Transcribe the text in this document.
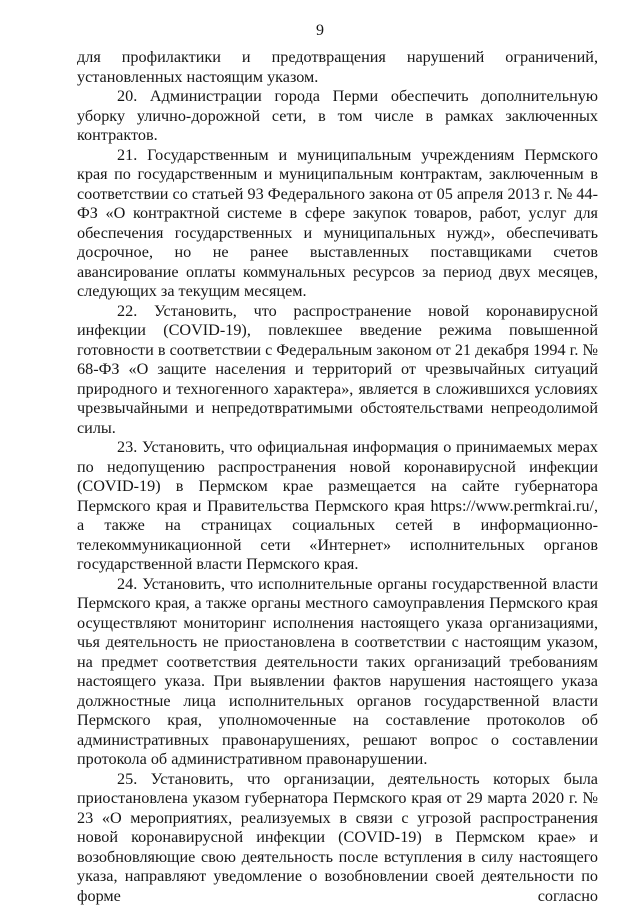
9

для профилактики и предотвращения нарушений ограничений, установленных настоящим указом.

20. Администрации города Перми обеспечить дополнительную уборку улично-дорожной сети, в том числе в рамках заключенных контрактов.

21. Государственным и муниципальным учреждениям Пермского края по государственным и муниципальным контрактам, заключенным в соответствии со статьей 93 Федерального закона от 05 апреля 2013 г. № 44-ФЗ «О контрактной системе в сфере закупок товаров, работ, услуг для обеспечения государственных и муниципальных нужд», обеспечивать досрочное, но не ранее выставленных поставщиками счетов авансирование оплаты коммунальных ресурсов за период двух месяцев, следующих за текущим месяцем.

22. Установить, что распространение новой коронавирусной инфекции (COVID-19), повлекшее введение режима повышенной готовности в соответствии с Федеральным законом от 21 декабря 1994 г. № 68-ФЗ «О защите населения и территорий от чрезвычайных ситуаций природного и техногенного характера», является в сложившихся условиях чрезвычайными и непредотвратимыми обстоятельствами непреодолимой силы.

23. Установить, что официальная информация о принимаемых мерах по недопущению распространения новой коронавирусной инфекции (COVID-19) в Пермском крае размещается на сайте губернатора Пермского края и Правительства Пермского края https://www.permkrai.ru/, а также на страницах социальных сетей в информационно-телекоммуникационной сети «Интернет» исполнительных органов государственной власти Пермского края.

24. Установить, что исполнительные органы государственной власти Пермского края, а также органы местного самоуправления Пермского края осуществляют мониторинг исполнения настоящего указа организациями, чья деятельность не приостановлена в соответствии с настоящим указом, на предмет соответствия деятельности таких организаций требованиям настоящего указа. При выявлении фактов нарушения настоящего указа должностные лица исполнительных органов государственной власти Пермского края, уполномоченные на составление протоколов об административных правонарушениях, решают вопрос о составлении протокола об административном правонарушении.

25. Установить, что организации, деятельность которых была приостановлена указом губернатора Пермского края от 29 марта 2020 г. № 23 «О мероприятиях, реализуемых в связи с угрозой распространения новой коронавирусной инфекции (COVID-19) в Пермском крае» и возобновляющие свою деятельность после вступления в силу настоящего указа, направляют уведомление о возобновлении своей деятельности по форме согласно
